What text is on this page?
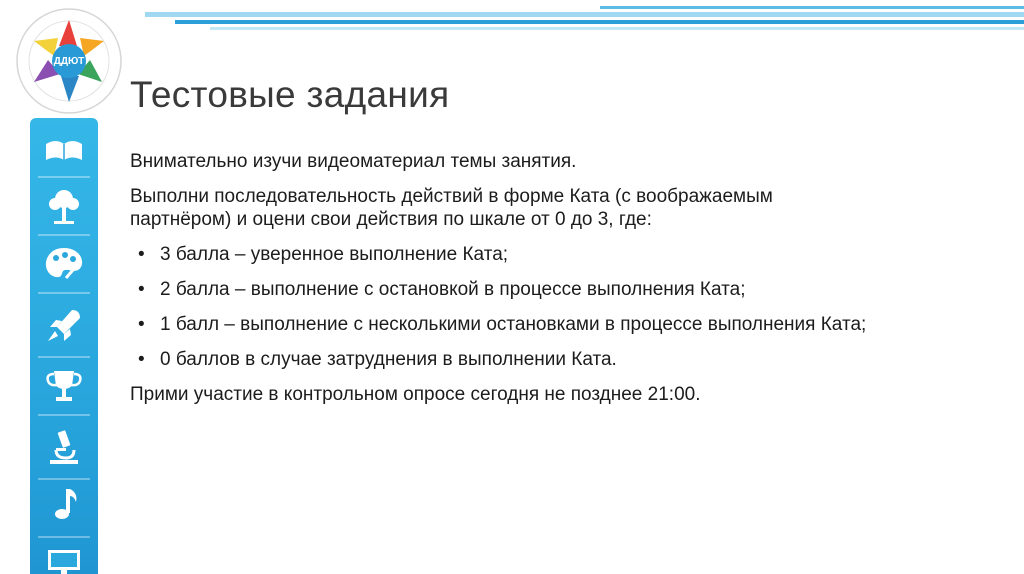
ДДЮТ
Тестовые задания

Внимательно изучи видеоматериал темы занятия.

Выполни последовательность действий в форме Ката (с воображаемым партнёром) и оцени свои действия по шкале от 0 до 3, где:

• 3 балла – уверенное выполнение Ката;
• 2 балла – выполнение с остановкой в процессе выполнения Ката;
• 1 балл – выполнение с несколькими остановками в процессе выполнения Ката;
• 0 баллов в случае затруднения в выполнении Ката.

Прими участие в контрольном опросе сегодня не позднее 21:00.
